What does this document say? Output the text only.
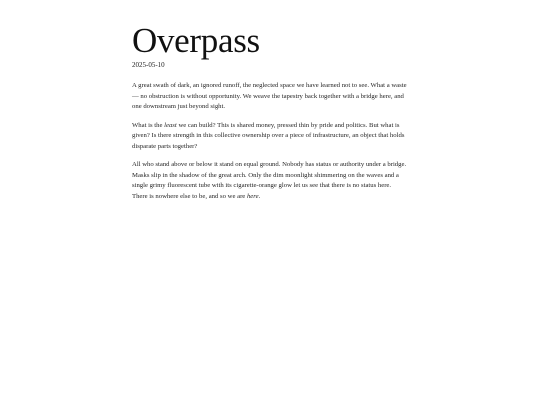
Overpass
2025-05-10

A great swath of dark, an ignored runoff, the neglected space we have learned not to see. What a waste — no obstruction is without opportunity. We weave the tapestry back together with a bridge here, and one downstream just beyond sight.

What is the least we can build? This is shared money, pressed thin by pride and politics. But what is given? Is there strength in this collective ownership over a piece of infrastructure, an object that holds disparate parts together?

All who stand above or below it stand on equal ground. Nobody has status or authority under a bridge. Masks slip in the shadow of the great arch. Only the dim moonlight shimmering on the waves and a single grimy fluorescent tube with its cigarette-orange glow let us see that there is no status here. There is nowhere else to be, and so we are here.
